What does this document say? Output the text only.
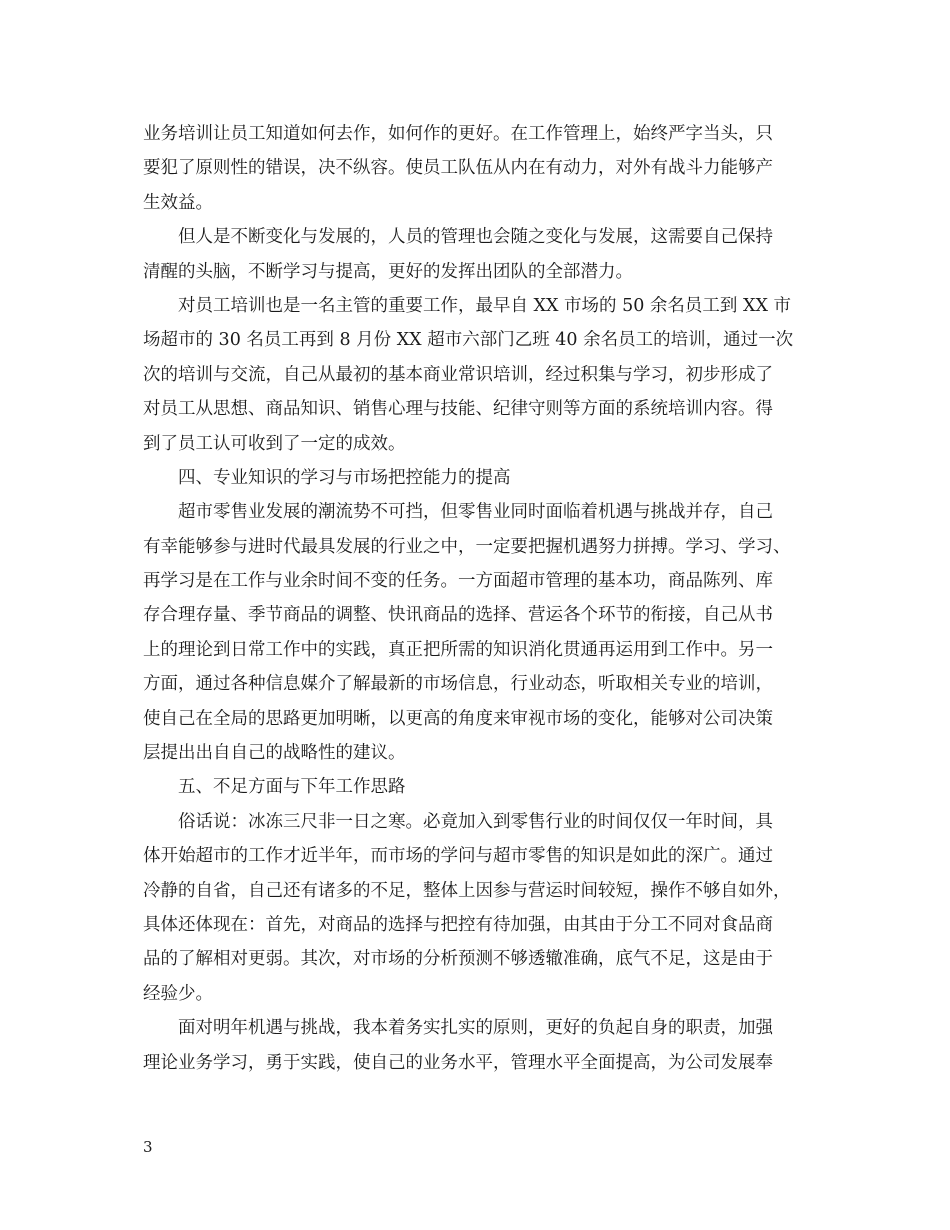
业务培训让员工知道如何去作，如何作的更好。在工作管理上，始终严字当头，只
要犯了原则性的错误，决不纵容。使员工队伍从内在有动力，对外有战斗力能够产
生效益。
但人是不断变化与发展的，人员的管理也会随之变化与发展，这需要自己保持
清醒的头脑，不断学习与提高，更好的发挥出团队的全部潜力。
对员工培训也是一名主管的重要工作，最早自 XX 市场的 50 余名员工到 XX 市
场超市的 30 名员工再到 8 月份 XX 超市六部门乙班 40 余名员工的培训，通过一次
次的培训与交流，自己从最初的基本商业常识培训，经过积集与学习，初步形成了
对员工从思想、商品知识、销售心理与技能、纪律守则等方面的系统培训内容。得
到了员工认可收到了一定的成效。
四、专业知识的学习与市场把控能力的提高
超市零售业发展的潮流势不可挡，但零售业同时面临着机遇与挑战并存，自己
有幸能够参与进时代最具发展的行业之中，一定要把握机遇努力拼搏。学习、学习、
再学习是在工作与业余时间不变的任务。一方面超市管理的基本功，商品陈列、库
存合理存量、季节商品的调整、快讯商品的选择、营运各个环节的衔接，自己从书
上的理论到日常工作中的实践，真正把所需的知识消化贯通再运用到工作中。另一
方面，通过各种信息媒介了解最新的市场信息，行业动态，听取相关专业的培训，
使自己在全局的思路更加明晰，以更高的角度来审视市场的变化，能够对公司决策
层提出出自自己的战略性的建议。
五、不足方面与下年工作思路
俗话说：冰冻三尺非一日之寒。必竟加入到零售行业的时间仅仅一年时间，具
体开始超市的工作才近半年，而市场的学问与超市零售的知识是如此的深广。通过
冷静的自省，自己还有诸多的不足，整体上因参与营运时间较短，操作不够自如外，
具体还体现在：首先，对商品的选择与把控有待加强，由其由于分工不同对食品商
品的了解相对更弱。其次，对市场的分析预测不够透辙准确，底气不足，这是由于
经验少。
面对明年机遇与挑战，我本着务实扎实的原则，更好的负起自身的职责，加强
理论业务学习，勇于实践，使自己的业务水平，管理水平全面提高，为公司发展奉
3
